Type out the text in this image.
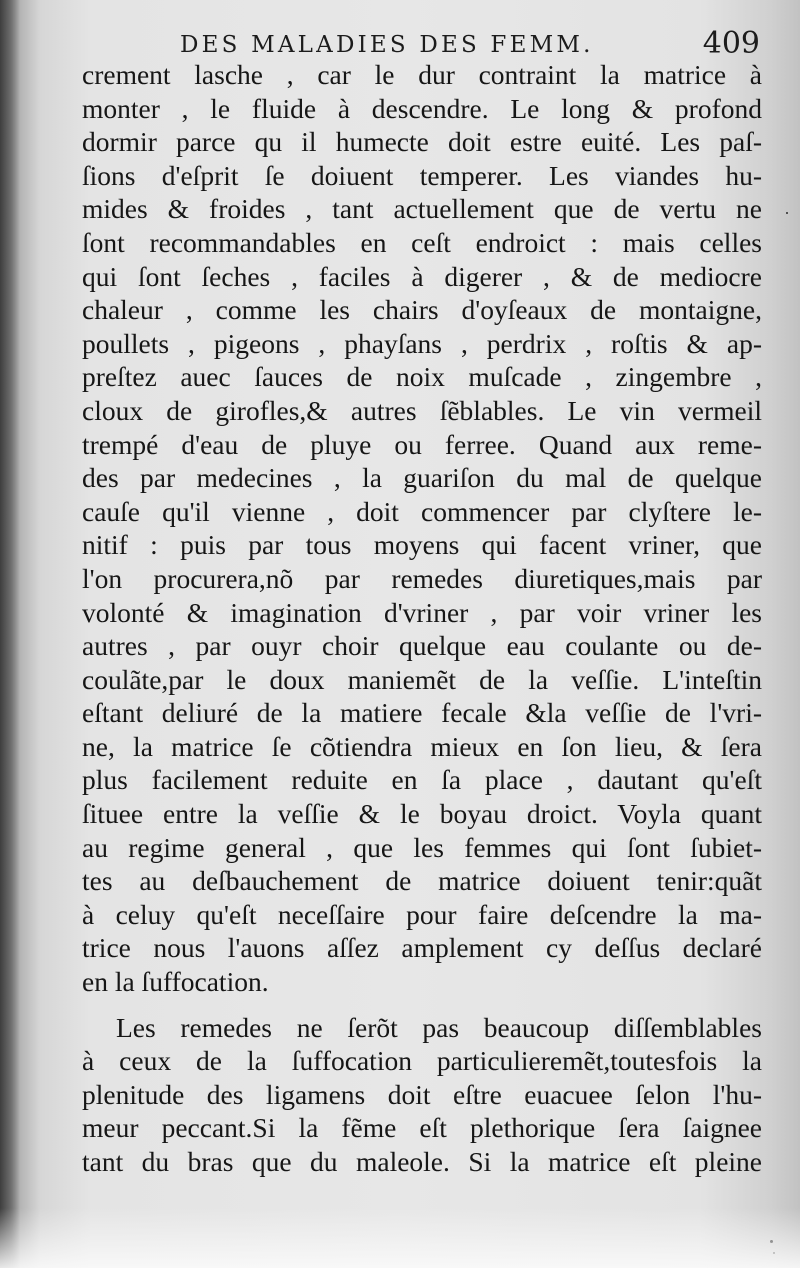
DES MALADIES DES FEMM.	409
crement lasche , car le dur contraint la matrice à
monter , le fluide à descendre. Le long & profond
dormir parce qu il humecte doit estre euité. Les paſ-
ſions d'eſprit ſe doiuent temperer. Les viandes hu-
mides & froides , tant actuellement que de vertu ne
ſont recommandables en ceſt endroict : mais celles
qui ſont ſeches , faciles à digerer , & de mediocre
chaleur , comme les chairs d'oyſeaux de montaigne,
poullets , pigeons , phayſans , perdrix , roſtis & ap-
preſtez auec ſauces de noix muſcade , zingembre ,
cloux de girofles,& autres ſẽblables. Le vin vermeil
trempé d'eau de pluye ou ferree. Quand aux reme-
des par medecines , la guariſon du mal de quelque
cauſe qu'il vienne , doit commencer par clyſtere le-
nitif : puis par tous moyens qui facent vriner, que
l'on procurera,nõ par remedes diuretiques,mais par
volonté & imagination d'vriner , par voir vriner les
autres , par ouyr choir quelque eau coulante ou de-
coulãte,par le doux maniemẽt de la veſſie. L'inteſtin
eſtant deliuré de la matiere fecale &la veſſie de l'vri-
ne, la matrice ſe cõtiendra mieux en ſon lieu, & ſera
plus facilement reduite en ſa place , dautant qu'eſt
ſituee entre la veſſie & le boyau droict. Voyla quant
au regime general , que les femmes qui ſont ſubiet-
tes au deſbauchement de matrice doiuent tenir:quãt
à celuy qu'eſt neceſſaire pour faire deſcendre la ma-
trice nous l'auons aſſez amplement cy deſſus declaré
en la ſuffocation.
Les remedes ne ſerõt pas beaucoup diſſemblables
à ceux de la ſuffocation particulieremẽt,toutesfois la
plenitude des ligamens doit eſtre euacuee ſelon l'hu-
meur peccant.Si la fẽme eſt plethorique ſera ſaignee
tant du bras que du maleole. Si la matrice eſt pleine
